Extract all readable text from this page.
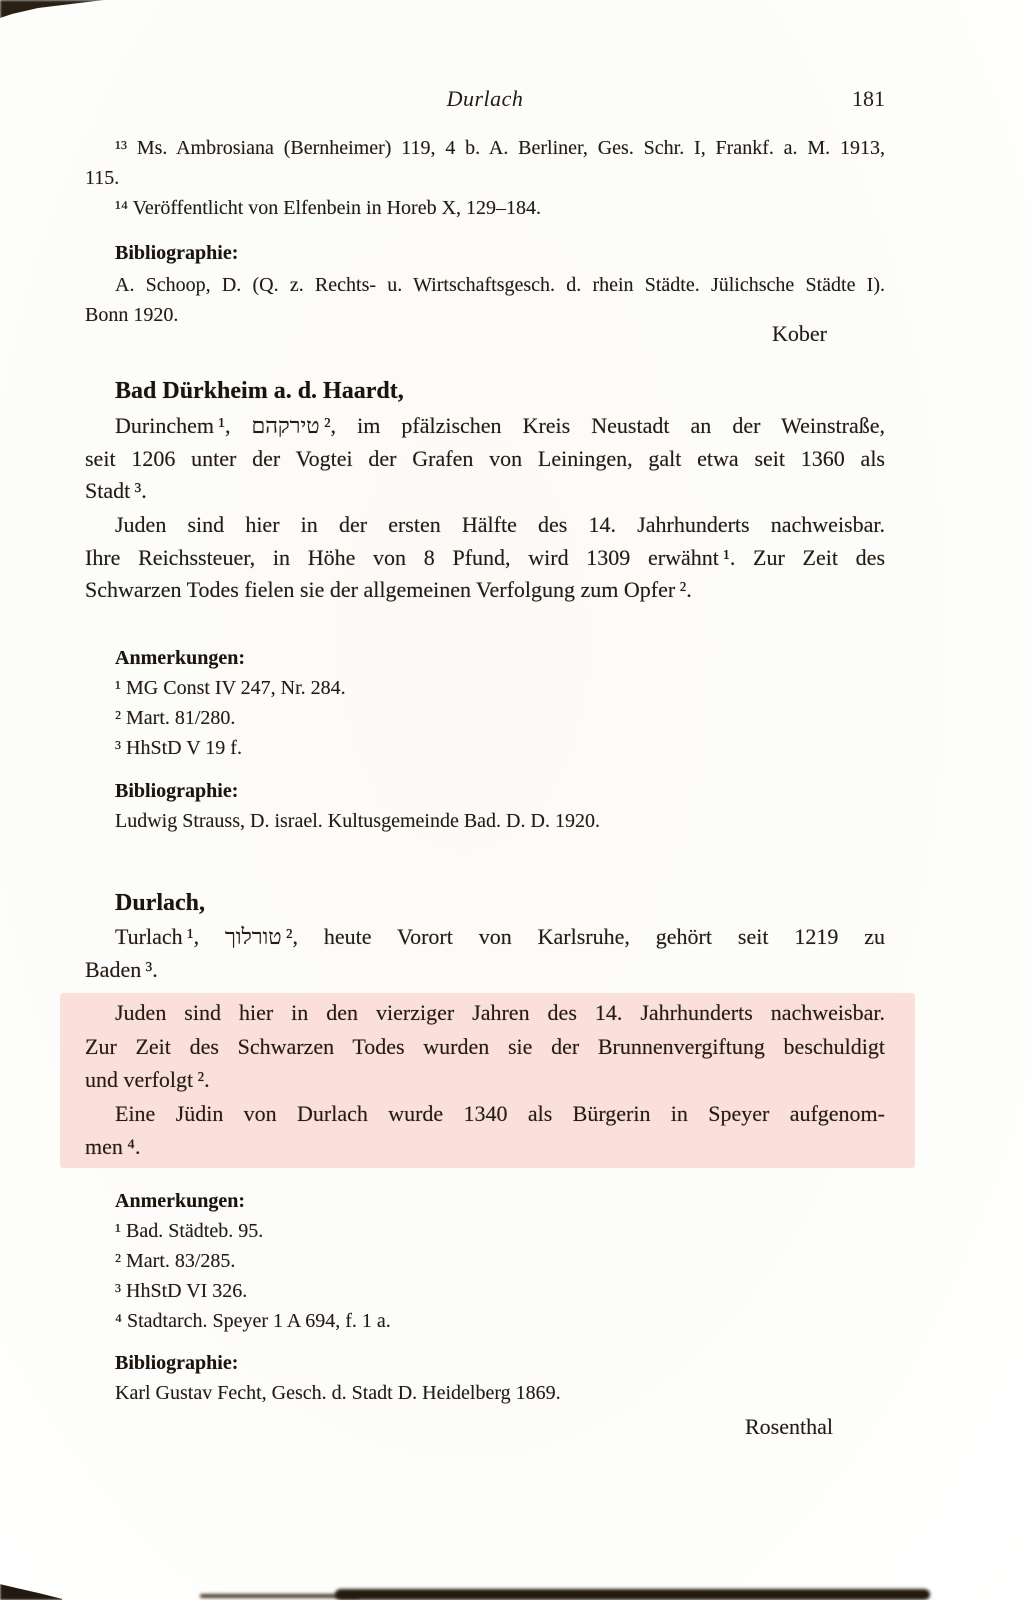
Durlach	181
¹³ Ms. Ambrosiana (Bernheimer) 119, 4 b. A. Berliner, Ges. Schr. I, Frankf. a. M. 1913,
115.
¹⁴ Veröffentlicht von Elfenbein in Horeb X, 129–184.
Bibliographie:
A. Schoop, D. (Q. z. Rechts- u. Wirtschaftsgesch. d. rhein Städte. Jülichsche Städte I).
Bonn 1920.
Kober
Bad Dürkheim a. d. Haardt,
Durinchem ¹, טירקהם‎ ², im pfälzischen Kreis Neustadt an der Weinstraße,
seit 1206 unter der Vogtei der Grafen von Leiningen, galt etwa seit 1360 als
Stadt ³.
Juden sind hier in der ersten Hälfte des 14. Jahrhunderts nachweisbar.
Ihre Reichssteuer, in Höhe von 8 Pfund, wird 1309 erwähnt ¹. Zur Zeit des
Schwarzen Todes fielen sie der allgemeinen Verfolgung zum Opfer ².
Anmerkungen:
¹ MG Const IV 247, Nr. 284.
² Mart. 81/280.
³ HhStD V 19 f.
Bibliographie:
Ludwig Strauss, D. israel. Kultusgemeinde Bad. D. D. 1920.
Durlach,
Turlach ¹, טורלוך‎ ², heute Vorort von Karlsruhe, gehört seit 1219 zu
Baden ³.
Juden sind hier in den vierziger Jahren des 14. Jahrhunderts nachweisbar.
Zur Zeit des Schwarzen Todes wurden sie der Brunnenvergiftung beschuldigt
und verfolgt ².
Eine Jüdin von Durlach wurde 1340 als Bürgerin in Speyer aufgenom-
men ⁴.
Anmerkungen:
¹ Bad. Städteb. 95.
² Mart. 83/285.
³ HhStD VI 326.
⁴ Stadtarch. Speyer 1 A 694, f. 1 a.
Bibliographie:
Karl Gustav Fecht, Gesch. d. Stadt D. Heidelberg 1869.
Rosenthal
